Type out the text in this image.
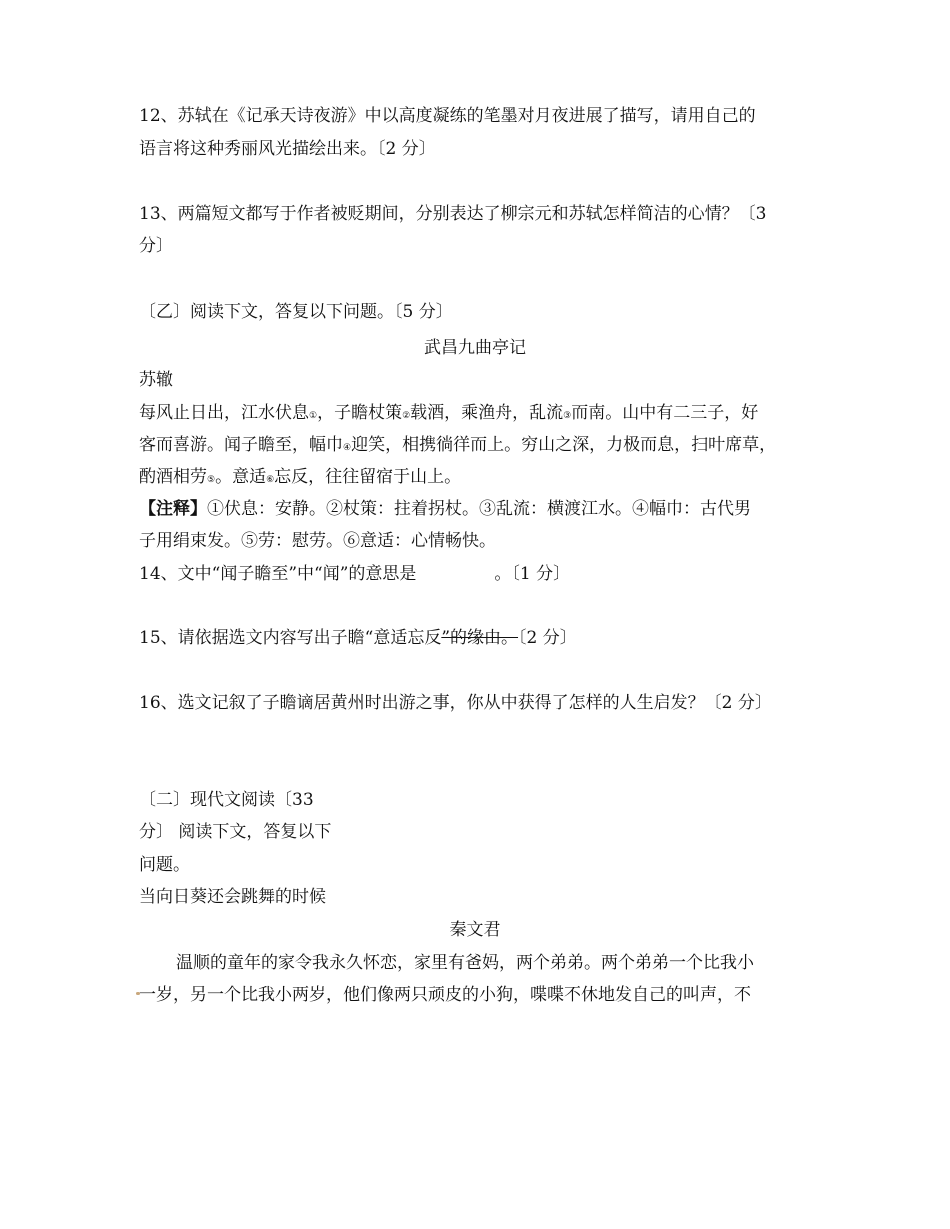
12、苏轼在《记承天诗夜游》中以高度凝练的笔墨对月夜进展了描写，请用自己的
语言将这种秀丽风光描绘出来。〔2 分〕
13、两篇短文都写于作者被贬期间，分别表达了柳宗元和苏轼怎样简洁的心情？〔3
分〕
〔乙〕阅读下文，答复以下问题。〔5 分〕
武昌九曲亭记
苏辙
每风止日出，江水伏息①，子瞻杖策②载酒，乘渔舟，乱流③而南。山中有二三子，好
客而喜游。闻子瞻至，幅巾④迎笑，相携徜徉而上。穷山之深，力极而息，扫叶席草，
酌酒相劳⑤。意适⑥忘反，往往留宿于山上。
【注释】①伏息：安静。②杖策：拄着拐杖。③乱流：横渡江水。④幅巾：古代男
子用绢束发。⑤劳：慰劳。⑥意适：心情畅快。
14、文中“闻子瞻至”中“闻”的意思是	。〔1 分〕
15、请依据选文内容写出子瞻“意适忘反”的缘由。〔2 分〕
16、选文记叙了子瞻谪居黄州时出游之事，你从中获得了怎样的人生启发？〔2 分〕
〔二〕现代文阅读〔33
分〕 阅读下文，答复以下
问题。
当向日葵还会跳舞的时候
秦文君
温顺的童年的家令我永久怀恋，家里有爸妈，两个弟弟。两个弟弟一个比我小
一岁，另一个比我小两岁，他们像两只顽皮的小狗，喋喋不休地发自己的叫声，不
